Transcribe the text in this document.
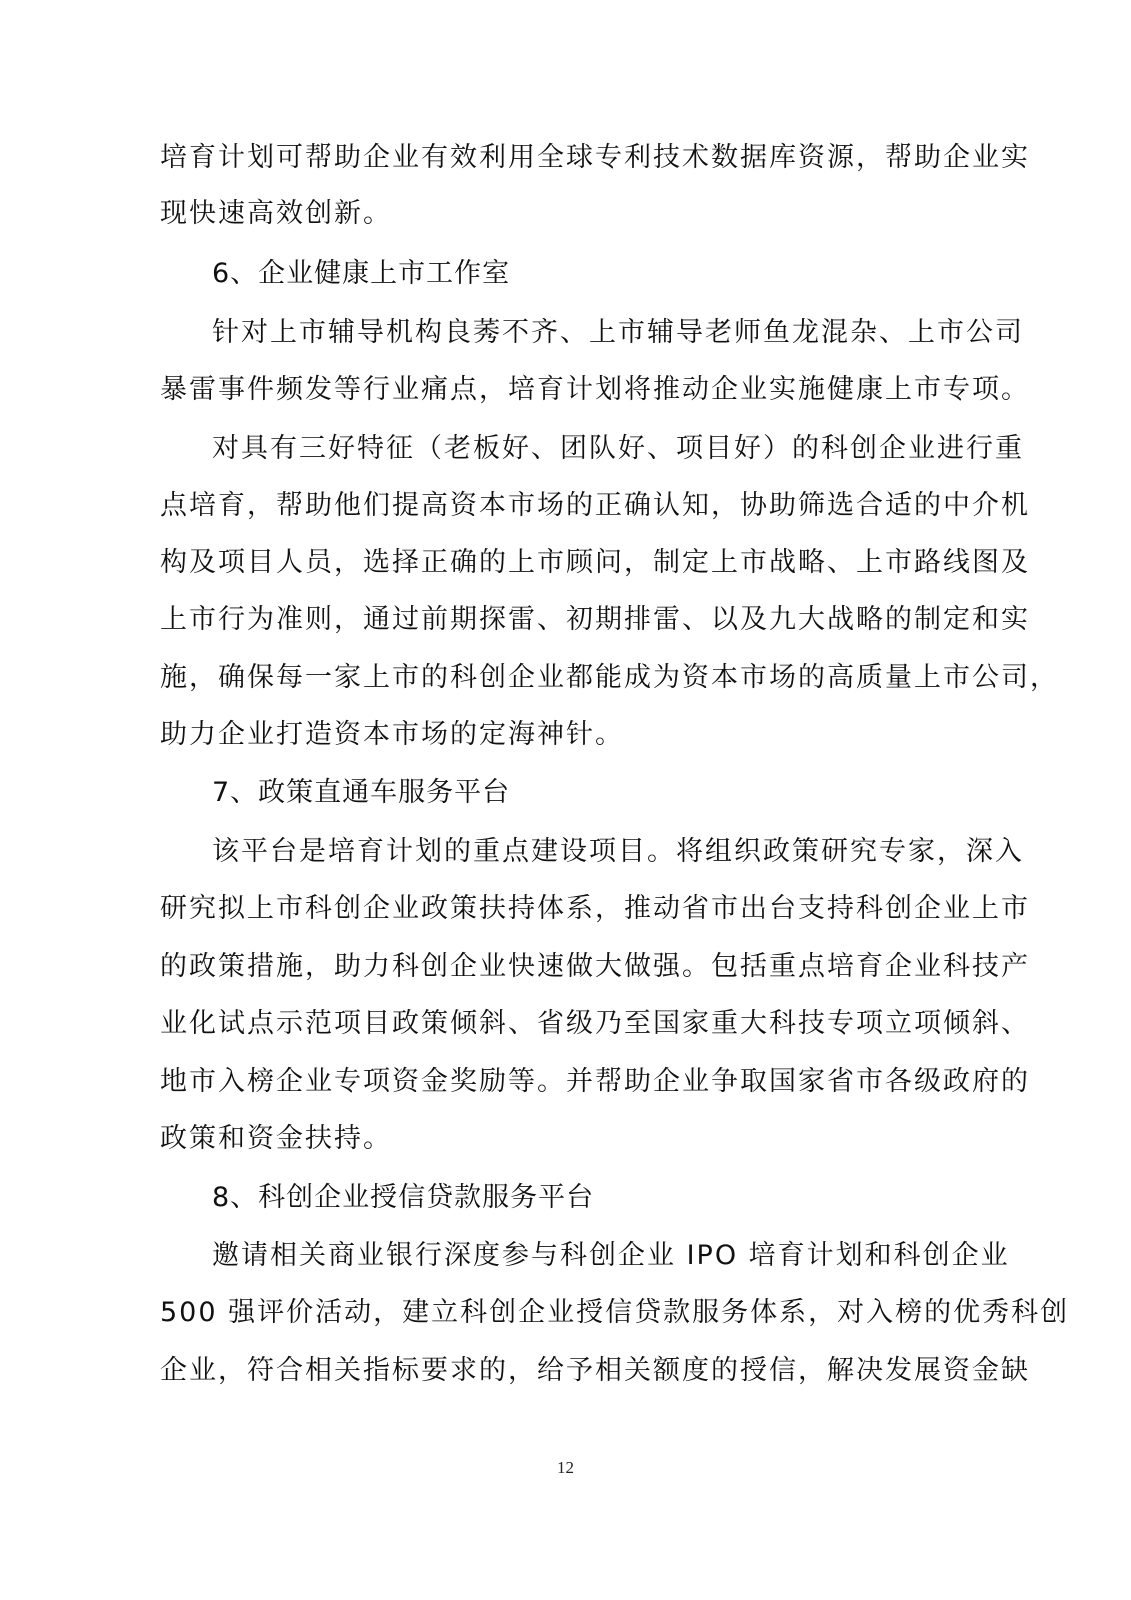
培育计划可帮助企业有效利用全球专利技术数据库资源，帮助企业实
现快速高效创新。
6、企业健康上市工作室
针对上市辅导机构良莠不齐、上市辅导老师鱼龙混杂、上市公司
暴雷事件频发等行业痛点，培育计划将推动企业实施健康上市专项。
对具有三好特征（老板好、团队好、项目好）的科创企业进行重
点培育，帮助他们提高资本市场的正确认知，协助筛选合适的中介机
构及项目人员，选择正确的上市顾问，制定上市战略、上市路线图及
上市行为准则，通过前期探雷、初期排雷、以及九大战略的制定和实
施，确保每一家上市的科创企业都能成为资本市场的高质量上市公司，
助力企业打造资本市场的定海神针。
7、政策直通车服务平台
该平台是培育计划的重点建设项目。将组织政策研究专家，深入
研究拟上市科创企业政策扶持体系，推动省市出台支持科创企业上市
的政策措施，助力科创企业快速做大做强。包括重点培育企业科技产
业化试点示范项目政策倾斜、省级乃至国家重大科技专项立项倾斜、
地市入榜企业专项资金奖励等。并帮助企业争取国家省市各级政府的
政策和资金扶持。
8、科创企业授信贷款服务平台
邀请相关商业银行深度参与科创企业 IPO 培育计划和科创企业
500 强评价活动，建立科创企业授信贷款服务体系，对入榜的优秀科创
企业，符合相关指标要求的，给予相关额度的授信，解决发展资金缺
12
